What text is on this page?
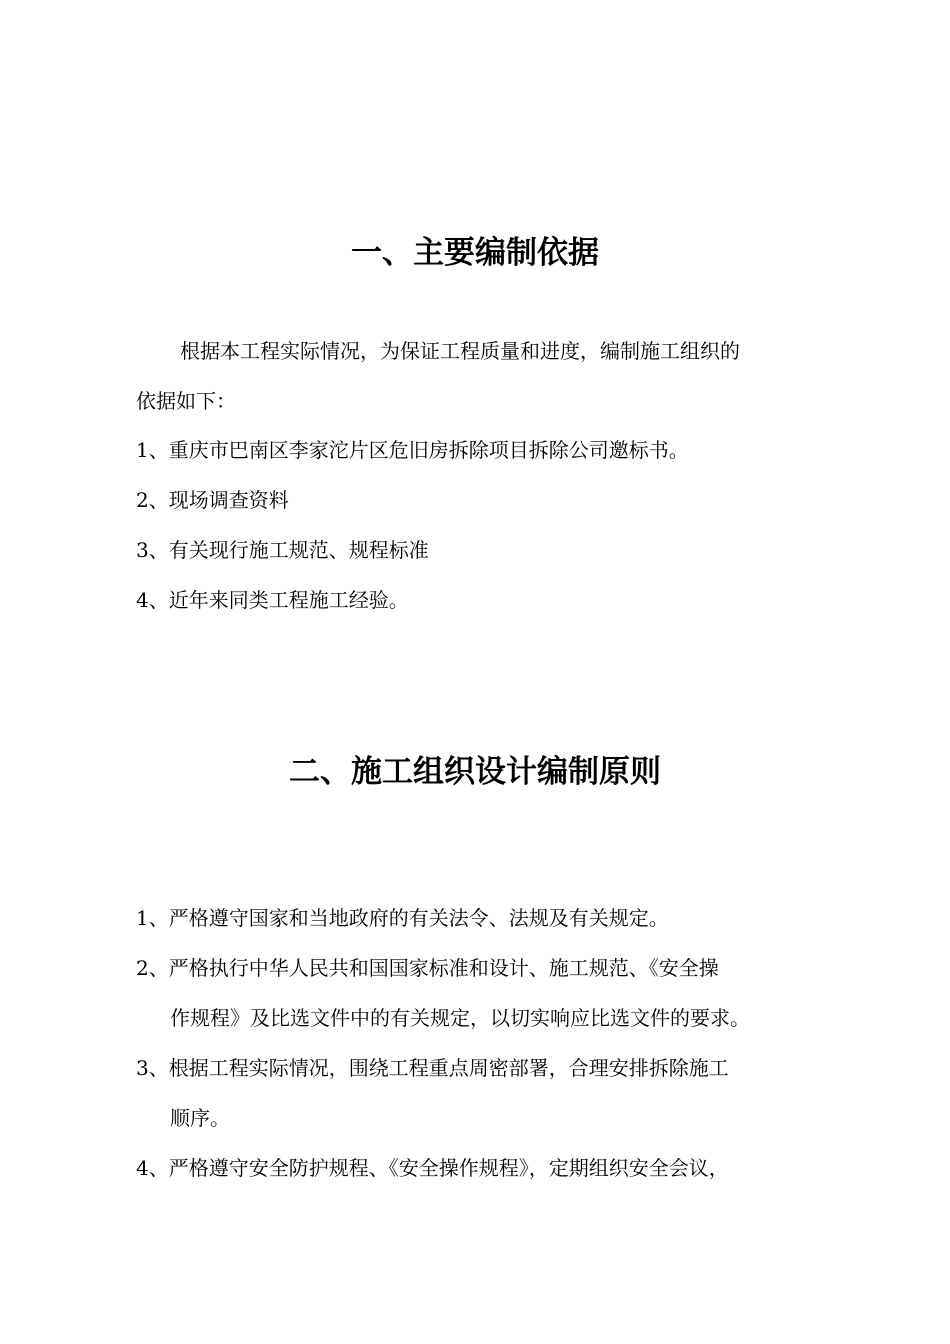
一、主要编制依据

根据本工程实际情况，为保证工程质量和进度，编制施工组织的

依据如下：

1、重庆市巴南区李家沱片区危旧房拆除项目拆除公司邀标书。

2、现场调查资料

3、有关现行施工规范、规程标准

4、近年来同类工程施工经验。

二、施工组织设计编制原则

1、严格遵守国家和当地政府的有关法令、法规及有关规定。

2、严格执行中华人民共和国国家标准和设计、施工规范、《安全操

作规程》及比选文件中的有关规定，以切实响应比选文件的要求。

3、根据工程实际情况，围绕工程重点周密部署，合理安排拆除施工

顺序。

4、严格遵守安全防护规程、《安全操作规程》，定期组织安全会议，
